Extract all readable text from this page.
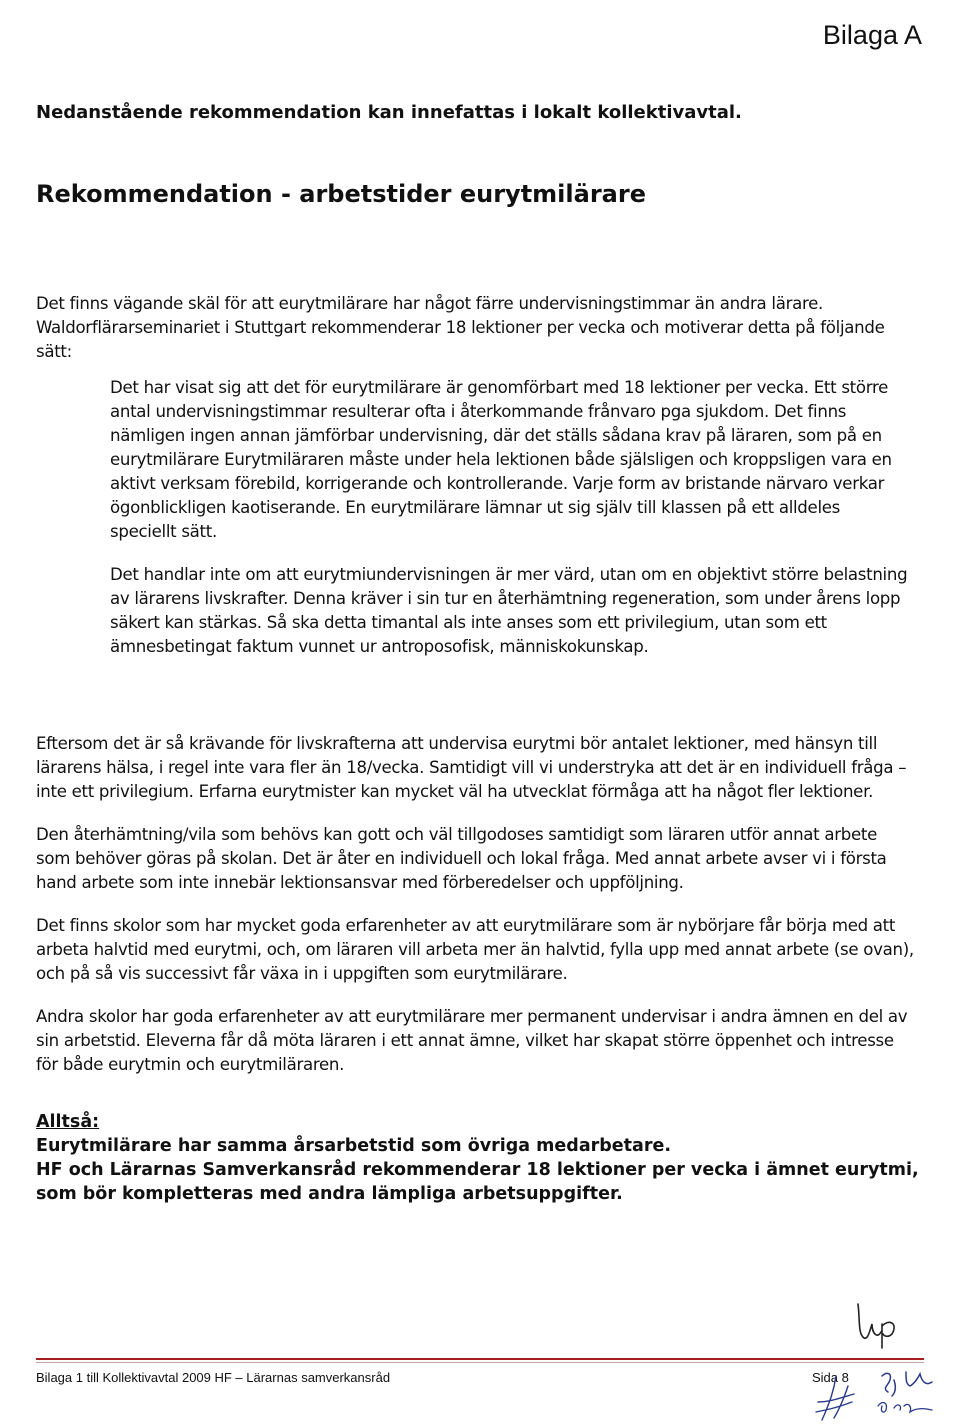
Bilaga A
Nedanstående rekommendation kan innefattas i lokalt kollektivavtal.
Rekommendation - arbetstider eurytmilärare

Det finns vägande skäl för att eurytmilärare har något färre undervisningstimmar än andra lärare. Waldorflärarseminariet i Stuttgart rekommenderar 18 lektioner per vecka och motiverar detta på följande sätt:

Det har visat sig att det för eurytmilärare är genomförbart med 18 lektioner per vecka. Ett större antal undervisningstimmar resulterar ofta i återkommande frånvaro pga sjukdom. Det finns nämligen ingen annan jämförbar undervisning, där det ställs sådana krav på läraren, som på en eurytmilärare Eurytmiläraren måste under hela lektionen både själsligen och kroppsligen vara en aktivt verksam förebild, korrigerande och kontrollerande. Varje form av bristande närvaro verkar ögonblickligen kaotiserande. En eurytmilärare lämnar ut sig själv till klassen på ett alldeles speciellt sätt.

Det handlar inte om att eurytmiundervisningen är mer värd, utan om en objektivt större belastning av lärarens livskrafter. Denna kräver i sin tur en återhämtning regeneration, som under årens lopp säkert kan stärkas. Så ska detta timantal als inte anses som ett privilegium, utan som ett ämnesbetingat faktum vunnet ur antroposofisk, människokunskap.

Eftersom det är så krävande för livskrafterna att undervisa eurytmi bör antalet lektioner, med hänsyn till lärarens hälsa, i regel inte vara fler än 18/vecka. Samtidigt vill vi understryka att det är en individuell fråga – inte ett privilegium. Erfarna eurytmister kan mycket väl ha utvecklat förmåga att ha något fler lektioner.

Den återhämtning/vila som behövs kan gott och väl tillgodoses samtidigt som läraren utför annat arbete som behöver göras på skolan. Det är åter en individuell och lokal fråga. Med annat arbete avser vi i första hand arbete som inte innebär lektionsansvar med förberedelser och uppföljning.

Det finns skolor som har mycket goda erfarenheter av att eurytmilärare som är nybörjare får börja med att arbeta halvtid med eurytmi, och, om läraren vill arbeta mer än halvtid, fylla upp med annat arbete (se ovan), och på så vis successivt får växa in i uppgiften som eurytmilärare.

Andra skolor har goda erfarenheter av att eurytmilärare mer permanent undervisar i andra ämnen en del av sin arbetstid. Eleverna får då möta läraren i ett annat ämne, vilket har skapat större öppenhet och intresse för både eurytmin och eurytmiläraren.

Alltså:

Eurytmilärare har samma årsarbetstid som övriga medarbetare.

HF och Lärarnas Samverkansråd rekommenderar 18 lektioner per vecka i ämnet eurytmi, som bör kompletteras med andra lämpliga arbetsuppgifter.

Bilaga 1 till Kollektivavtal 2009 HF – Lärarnas samverkansråd	Sida 8
